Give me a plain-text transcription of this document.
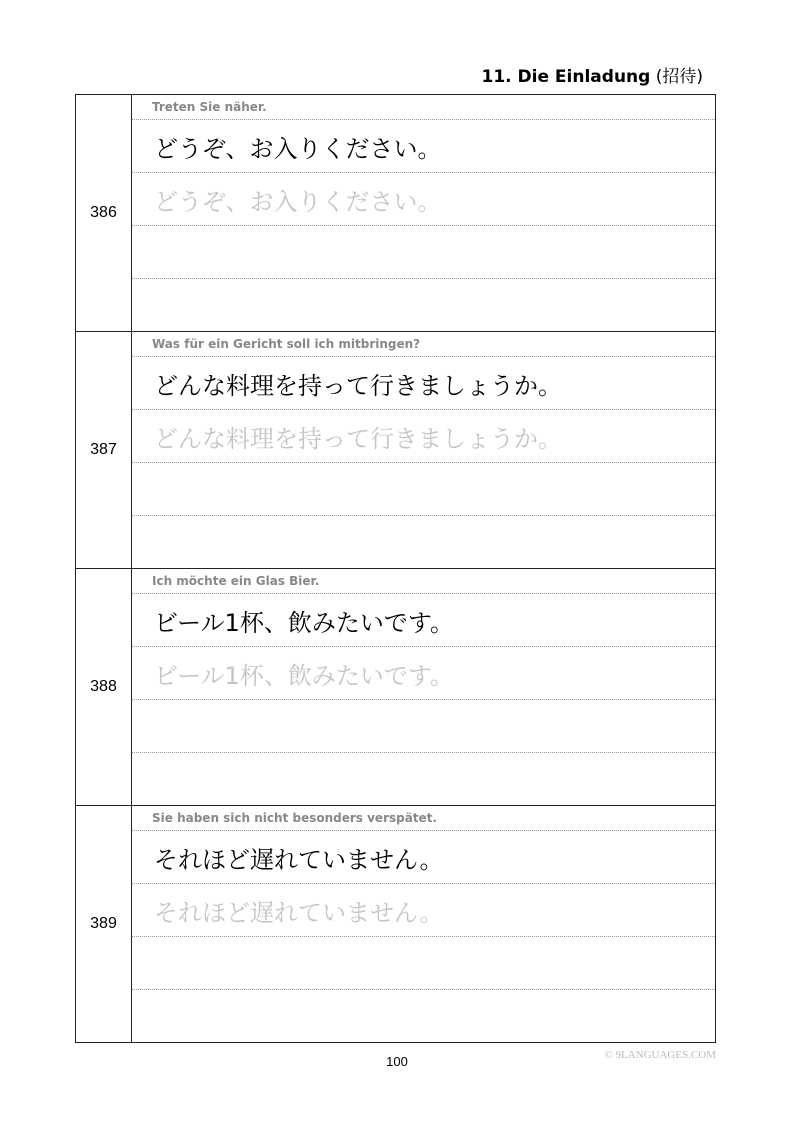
11. Die Einladung (招待)
386	Treten Sie näher.
どうぞ、お入りください。
どうぞ、お入りください。

387	Was für ein Gericht soll ich mitbringen?
どんな料理を持って行きましょうか。
どんな料理を持って行きましょうか。

388	Ich möchte ein Glas Bier.
ビール1杯、飲みたいです。
ビール1杯、飲みたいです。

389	Sie haben sich nicht besonders verspätet.
それほど遅れていません。
それほど遅れていません。
100	© 9LANGUAGES.COM
